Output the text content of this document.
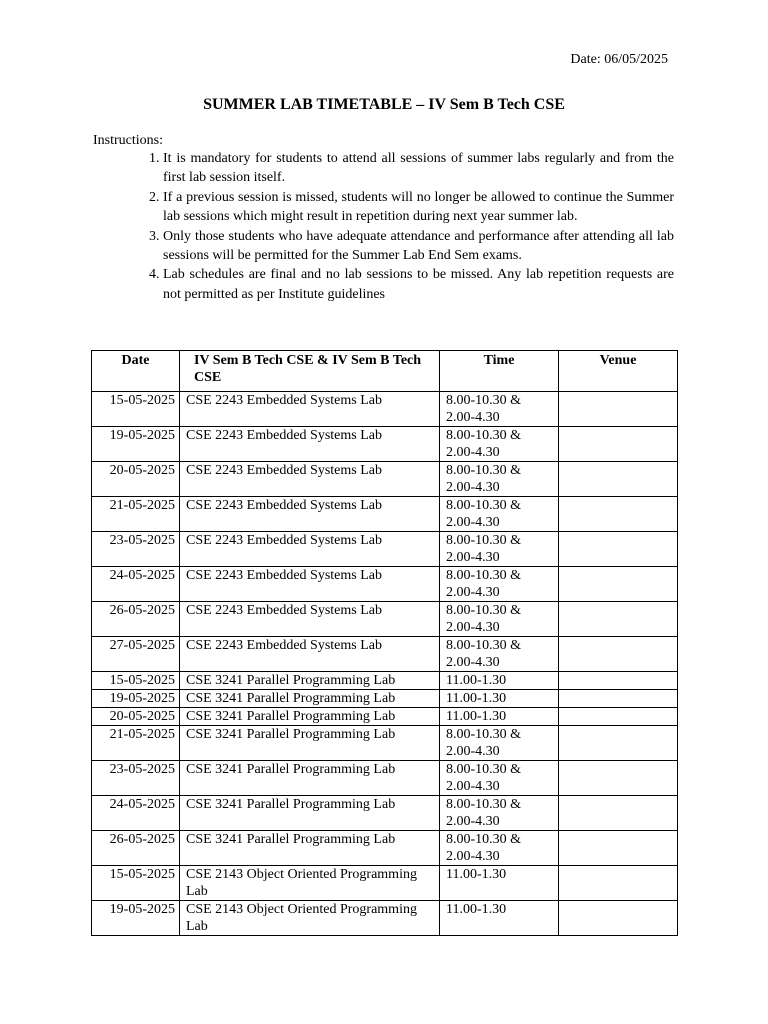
Date: 06/05/2025
SUMMER LAB TIMETABLE – IV Sem B Tech CSE
Instructions:
1. It is mandatory for students to attend all sessions of summer labs regularly and from the first lab session itself.
2. If a previous session is missed, students will no longer be allowed to continue the Summer lab sessions which might result in repetition during next year summer lab.
3. Only those students who have adequate attendance and performance after attending all lab sessions will be permitted for the Summer Lab End Sem exams.
4. Lab schedules are final and no lab sessions to be missed. Any lab repetition requests are not permitted as per Institute guidelines
Date	IV Sem B Tech CSE & IV Sem B Tech CSE	Time	Venue
15-05-2025	CSE 2243 Embedded Systems Lab	8.00-10.30 & 2.00-4.30	
19-05-2025	CSE 2243 Embedded Systems Lab	8.00-10.30 & 2.00-4.30	
20-05-2025	CSE 2243 Embedded Systems Lab	8.00-10.30 & 2.00-4.30	
21-05-2025	CSE 2243 Embedded Systems Lab	8.00-10.30 & 2.00-4.30	
23-05-2025	CSE 2243 Embedded Systems Lab	8.00-10.30 & 2.00-4.30	
24-05-2025	CSE 2243 Embedded Systems Lab	8.00-10.30 & 2.00-4.30	
26-05-2025	CSE 2243 Embedded Systems Lab	8.00-10.30 & 2.00-4.30	
27-05-2025	CSE 2243 Embedded Systems Lab	8.00-10.30 & 2.00-4.30	
15-05-2025	CSE 3241 Parallel Programming Lab	11.00-1.30	
19-05-2025	CSE 3241 Parallel Programming Lab	11.00-1.30	
20-05-2025	CSE 3241 Parallel Programming Lab	11.00-1.30	
21-05-2025	CSE 3241 Parallel Programming Lab	8.00-10.30 & 2.00-4.30	
23-05-2025	CSE 3241 Parallel Programming Lab	8.00-10.30 & 2.00-4.30	
24-05-2025	CSE 3241 Parallel Programming Lab	8.00-10.30 & 2.00-4.30	
26-05-2025	CSE 3241 Parallel Programming Lab	8.00-10.30 & 2.00-4.30	
15-05-2025	CSE 2143 Object Oriented Programming Lab	11.00-1.30	
19-05-2025	CSE 2143 Object Oriented Programming Lab	11.00-1.30	
